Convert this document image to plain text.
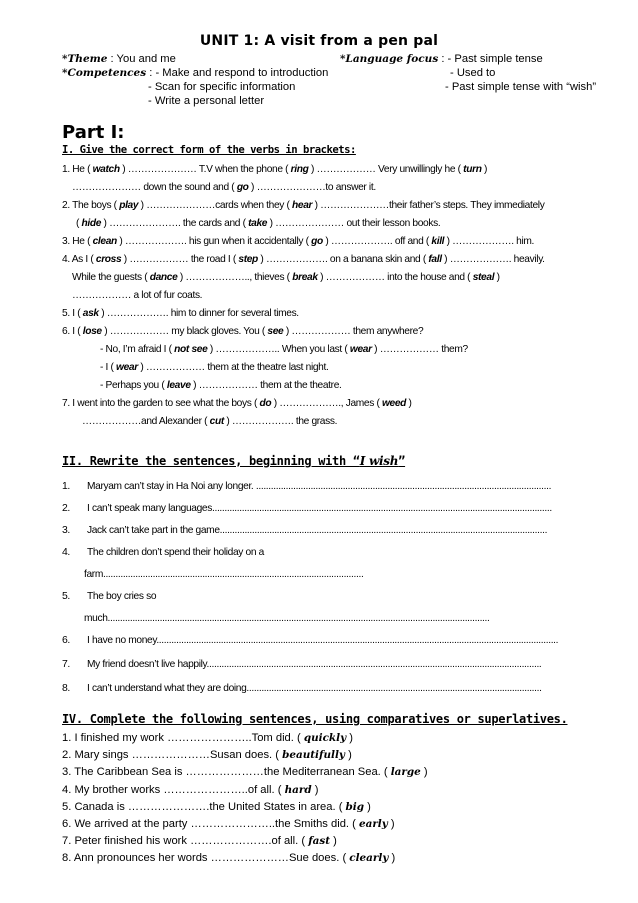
UNIT 1: A visit from a pen pal
*Theme : You and me
*Competences : - Make and respond to introduction
- Scan for specific information
- Write a personal letter
*Language focus : - Past simple tense
- Used to
- Past simple tense with “wish”
Part I:
I. Give the correct form of the verbs in brackets:
1. He ( watch ) ………………… T.V when the phone ( ring ) ……………… Very unwillingly he ( turn )
………………… down the sound and ( go ) …………………to answer it.
2. The boys ( play ) …………………cards when they ( hear ) …………………their father’s steps. They immediately
( hide ) …………………. the cards and ( take ) ………………… out their lesson books.
3. He ( clean ) ………………. his gun when it accidentally ( go ) ………………. off and ( kill ) ………………. him.
4. As I ( cross ) ……………… the road I ( step ) ………………. on a banana skin and ( fall ) ………………. heavily.
While the guests ( dance ) ……………….., thieves ( break ) ……………… into the house and ( steal )
……………… a lot of fur coats.
5. I ( ask ) ………………. him to dinner for several times.
6. I ( lose ) ……………… my black gloves. You ( see ) ……………… them anywhere?
- No, I’m afraid I ( not see ) ……………….. When you last ( wear ) ……………… them?
- I ( wear ) ……………… them at the theatre last night.
- Perhaps you ( leave ) ……………… them at the theatre.
7. I went into the garden to see what the boys ( do ) ………………., James ( weed )
………………and Alexander ( cut ) ………………. the grass.
II. Rewrite the sentences, beginning with “I wish”
1. Maryam can’t stay in Ha Noi any longer. .......................................................................................................................
2. I can’t speak many languages.........................................................................................................................................
3. Jack can’t take part in the game....................................................................................................................................
4. The children don’t spend their holiday on a
farm.........................................................................................................
5. The boy cries so
much..........................................................................................................................................................
6. I have no money..................................................................................................................................................................
7. My friend doesn’t live happily.......................................................................................................................................
8. I can’t understand what they are doing.......................................................................................................................
IV. Complete the following sentences, using comparatives or superlatives.
1. I finished my work …………………..Tom did. ( quickly )
2. Mary sings …………………Susan does. ( beautifully )
3. The Caribbean Sea is …………………the Mediterranean Sea. ( large )
4. My brother works …………………..of all. ( hard )
5. Canada is ………………….the United States in area. ( big )
6. We arrived at the party …………………..the Smiths did. ( early )
7. Peter finished his work ………………….of all. ( fast )
8. Ann pronounces her words …………………Sue does. ( clearly )
